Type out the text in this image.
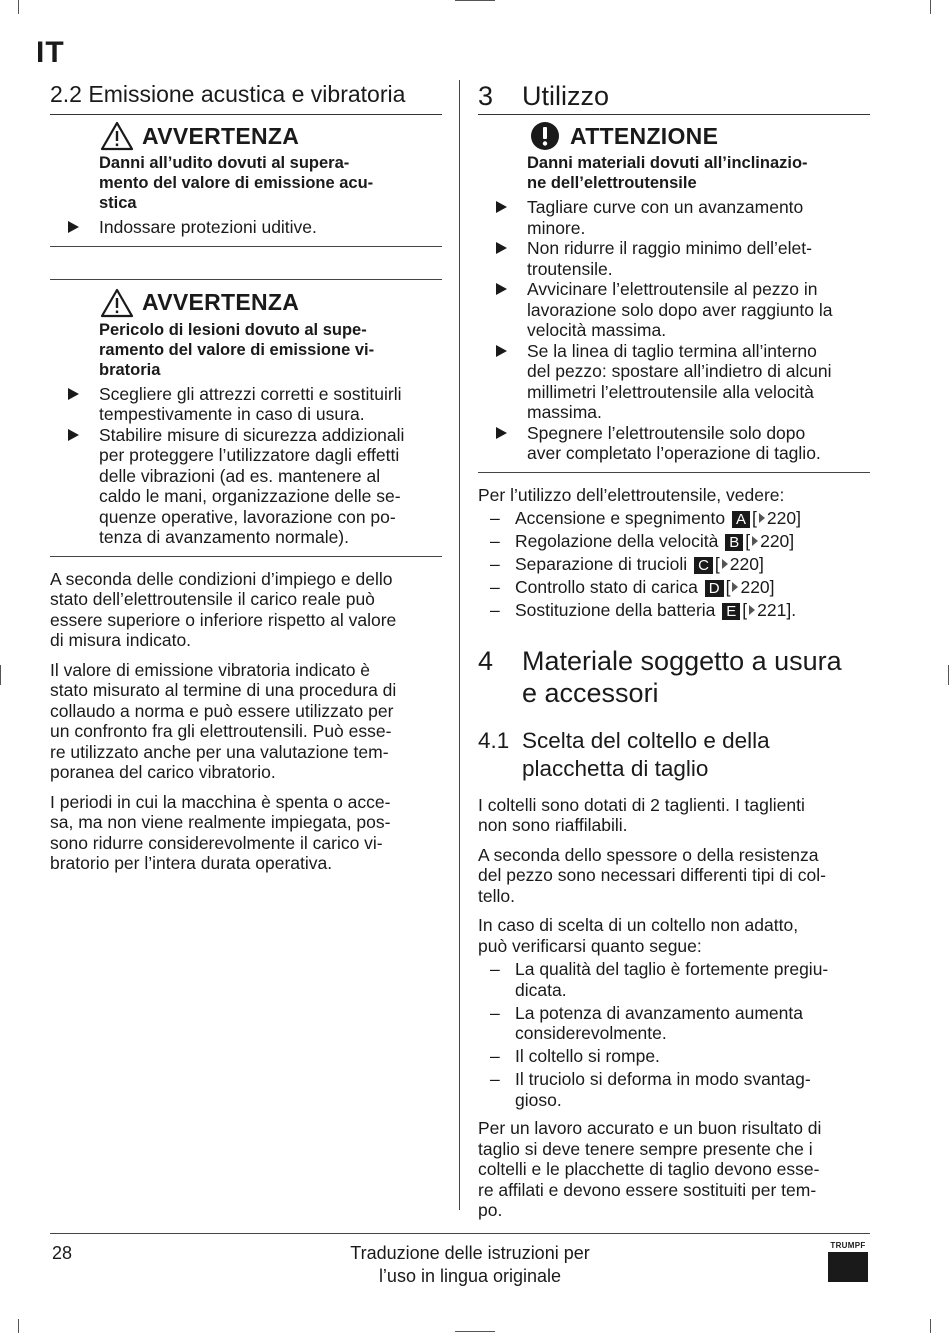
IT
2.2 Emissione acustica e vibratoria
AVVERTENZA
Danni all’udito dovuti al supera-
mento del valore di emissione acu-
stica
Indossare protezioni uditive.
AVVERTENZA
Pericolo di lesioni dovuto al supe-
ramento del valore di emissione vi-
bratoria
Scegliere gli attrezzi corretti e sostituirli
tempestivamente in caso di usura.
Stabilire misure di sicurezza addizionali
per proteggere l’utilizzatore dagli effetti
delle vibrazioni (ad es. mantenere al
caldo le mani, organizzazione delle se-
quenze operative, lavorazione con po-
tenza di avanzamento normale).

A seconda delle condizioni d’impiego e dello
stato dell’elettroutensile il carico reale può
essere superiore o inferiore rispetto al valore
di misura indicato.

Il valore di emissione vibratoria indicato è
stato misurato al termine di una procedura di
collaudo a norma e può essere utilizzato per
un confronto fra gli elettroutensili. Può esse-
re utilizzato anche per una valutazione tem-
poranea del carico vibratorio.

I periodi in cui la macchina è spenta o acce-
sa, ma non viene realmente impiegata, pos-
sono ridurre considerevolmente il carico vi-
bratorio per l’intera durata operativa.

3 Utilizzo
ATTENZIONE
Danni materiali dovuti all’inclinazio-
ne dell’elettroutensile
Tagliare curve con un avanzamento
minore.
Non ridurre il raggio minimo dell’elet-
troutensile.
Avvicinare l’elettroutensile al pezzo in
lavorazione solo dopo aver raggiunto la
velocità massima.
Se la linea di taglio termina all’interno
del pezzo: spostare all’indietro di alcuni
millimetri l’elettroutensile alla velocità
massima.
Spegnere l’elettroutensile solo dopo
aver completato l’operazione di taglio.

Per l’utilizzo dell’elettroutensile, vedere:

– Accensione e spegnimento A [ 220]
– Regolazione della velocità B [ 220]
– Separazione di trucioli C [ 220]
– Controllo stato di carica D [ 220]
– Sostituzione della batteria E [ 221].
4	Materiale soggetto a usura
e accessori
4.1 Scelta del coltello e della
placchetta di taglio

I coltelli sono dotati di 2 taglienti. I taglienti
non sono riaffilabili.

A seconda dello spessore o della resistenza
del pezzo sono necessari differenti tipi di col-
tello.

In caso di scelta di un coltello non adatto,
può verificarsi quanto segue:

– La qualità del taglio è fortemente pregiu-
dicata.
– La potenza di avanzamento aumenta
considerevolmente.
– Il coltello si rompe.
– Il truciolo si deforma in modo svantag-
gioso.

Per un lavoro accurato e un buon risultato di
taglio si deve tenere sempre presente che i
coltelli e le placchette di taglio devono esse-
re affilati e devono essere sostituiti per tem-
po.

28	Traduzione delle istruzioni per
l’uso in lingua originale
TRUMPF
